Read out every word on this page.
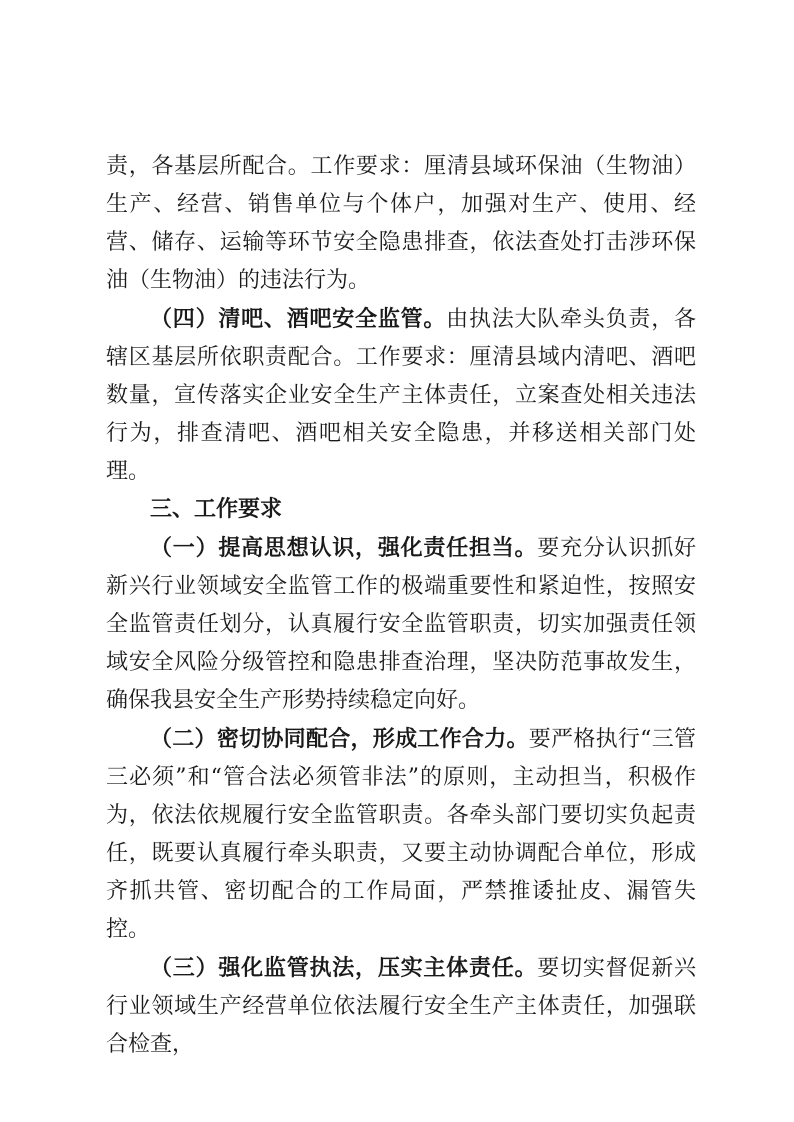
责，各基层所配合。工作要求：厘清县域环保油（生物油）生产、经营、销售单位与个体户，加强对生产、使用、经营、储存、运输等环节安全隐患排查，依法查处打击涉环保油（生物油）的违法行为。

（四）清吧、酒吧安全监管。由执法大队牵头负责，各辖区基层所依职责配合。工作要求：厘清县域内清吧、酒吧数量，宣传落实企业安全生产主体责任，立案查处相关违法行为，排查清吧、酒吧相关安全隐患，并移送相关部门处理。

三、工作要求

（一）提高思想认识，强化责任担当。要充分认识抓好新兴行业领域安全监管工作的极端重要性和紧迫性，按照安全监管责任划分，认真履行安全监管职责，切实加强责任领域安全风险分级管控和隐患排查治理，坚决防范事故发生，确保我县安全生产形势持续稳定向好。

（二）密切协同配合，形成工作合力。要严格执行“三管三必须”和“管合法必须管非法”的原则，主动担当，积极作为，依法依规履行安全监管职责。各牵头部门要切实负起责任，既要认真履行牵头职责，又要主动协调配合单位，形成齐抓共管、密切配合的工作局面，严禁推诿扯皮、漏管失控。

（三）强化监管执法，压实主体责任。要切实督促新兴行业领域生产经营单位依法履行安全生产主体责任，加强联合检查，
